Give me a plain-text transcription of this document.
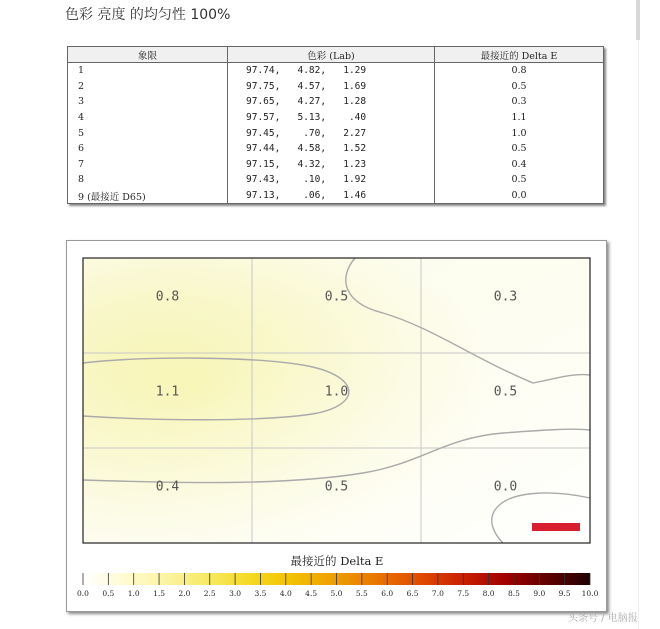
色彩 亮度 的均匀性 100%
象限	色彩 (Lab)	最接近的 Delta E
1	97.74,   4.82,   1.29	0.8
2	97.75,   4.57,   1.69	0.5
3	97.65,   4.27,   1.28	0.3
4	97.57,   5.13,    .40	1.1
5	97.45,    .70,   2.27	1.0
6	97.44,   4.58,   1.52	0.5
7	97.15,   4.32,   1.23	0.4
8	97.43,    .10,   1.92	0.5
9 (最接近 D65)	97.13,    .06,   1.46	0.0
0.8	0.5	0.3
1.1	1.0	0.5
0.4	0.5	0.0
最接近的 Delta E
0.0 0.5 1.0 1.5 2.0 2.5 3.0 3.5 4.0 4.5 5.0 5.5 6.0 6.5 7.0 7.5 8.0 8.5 9.0 9.5 10.0
头条号 / 电脑报
